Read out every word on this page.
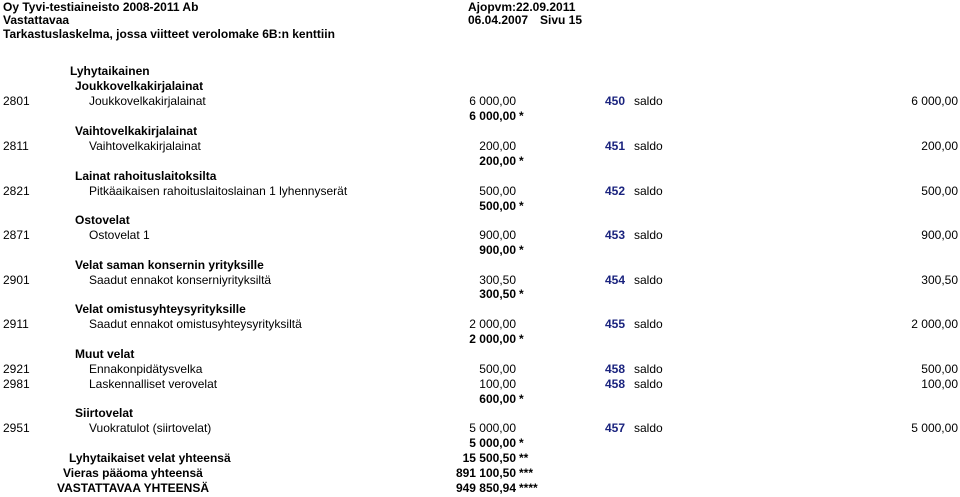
Oy Tyvi-testiaineisto 2008-2011 Ab	Ajopvm:22.09.2011
Vastattavaa	06.04.2007 Sivu 15
Tarkastuslaskelma, jossa viitteet verolomake 6B:n kenttiin
Lyhytaikainen
Joukkovelkakirjalainat
2801	Joukkovelkakirjalainat	6 000,00	450 saldo	6 000,00
6 000,00 *
Vaihtovelkakirjalainat
2811	Vaihtovelkakirjalainat	200,00	451 saldo	200,00
200,00 *
Lainat rahoituslaitoksilta
2821	Pitkäaikaisen rahoituslaitoslainan 1 lyhennyserät	500,00	452 saldo	500,00
500,00 *
Ostovelat
2871	Ostovelat 1	900,00	453 saldo	900,00
900,00 *
Velat saman konsernin yrityksille
2901	Saadut ennakot konserniyrityksiltä	300,50	454 saldo	300,50
300,50 *
Velat omistusyhteysyrityksille
2911	Saadut ennakot omistusyhteysyrityksiltä	2 000,00	455 saldo	2 000,00
2 000,00 *
Muut velat
2921	Ennakonpidätysvelka	500,00	458 saldo	500,00
2981	Laskennalliset verovelat	100,00	458 saldo	100,00
600,00 *
Siirtovelat
2951	Vuokratulot (siirtovelat)	5 000,00	457 saldo	5 000,00
5 000,00 *
Lyhytaikaiset velat yhteensä	15 500,50 **
Vieras pääoma yhteensä	891 100,50 ***
VASTATTAVAA YHTEENSÄ	949 850,94 ****
